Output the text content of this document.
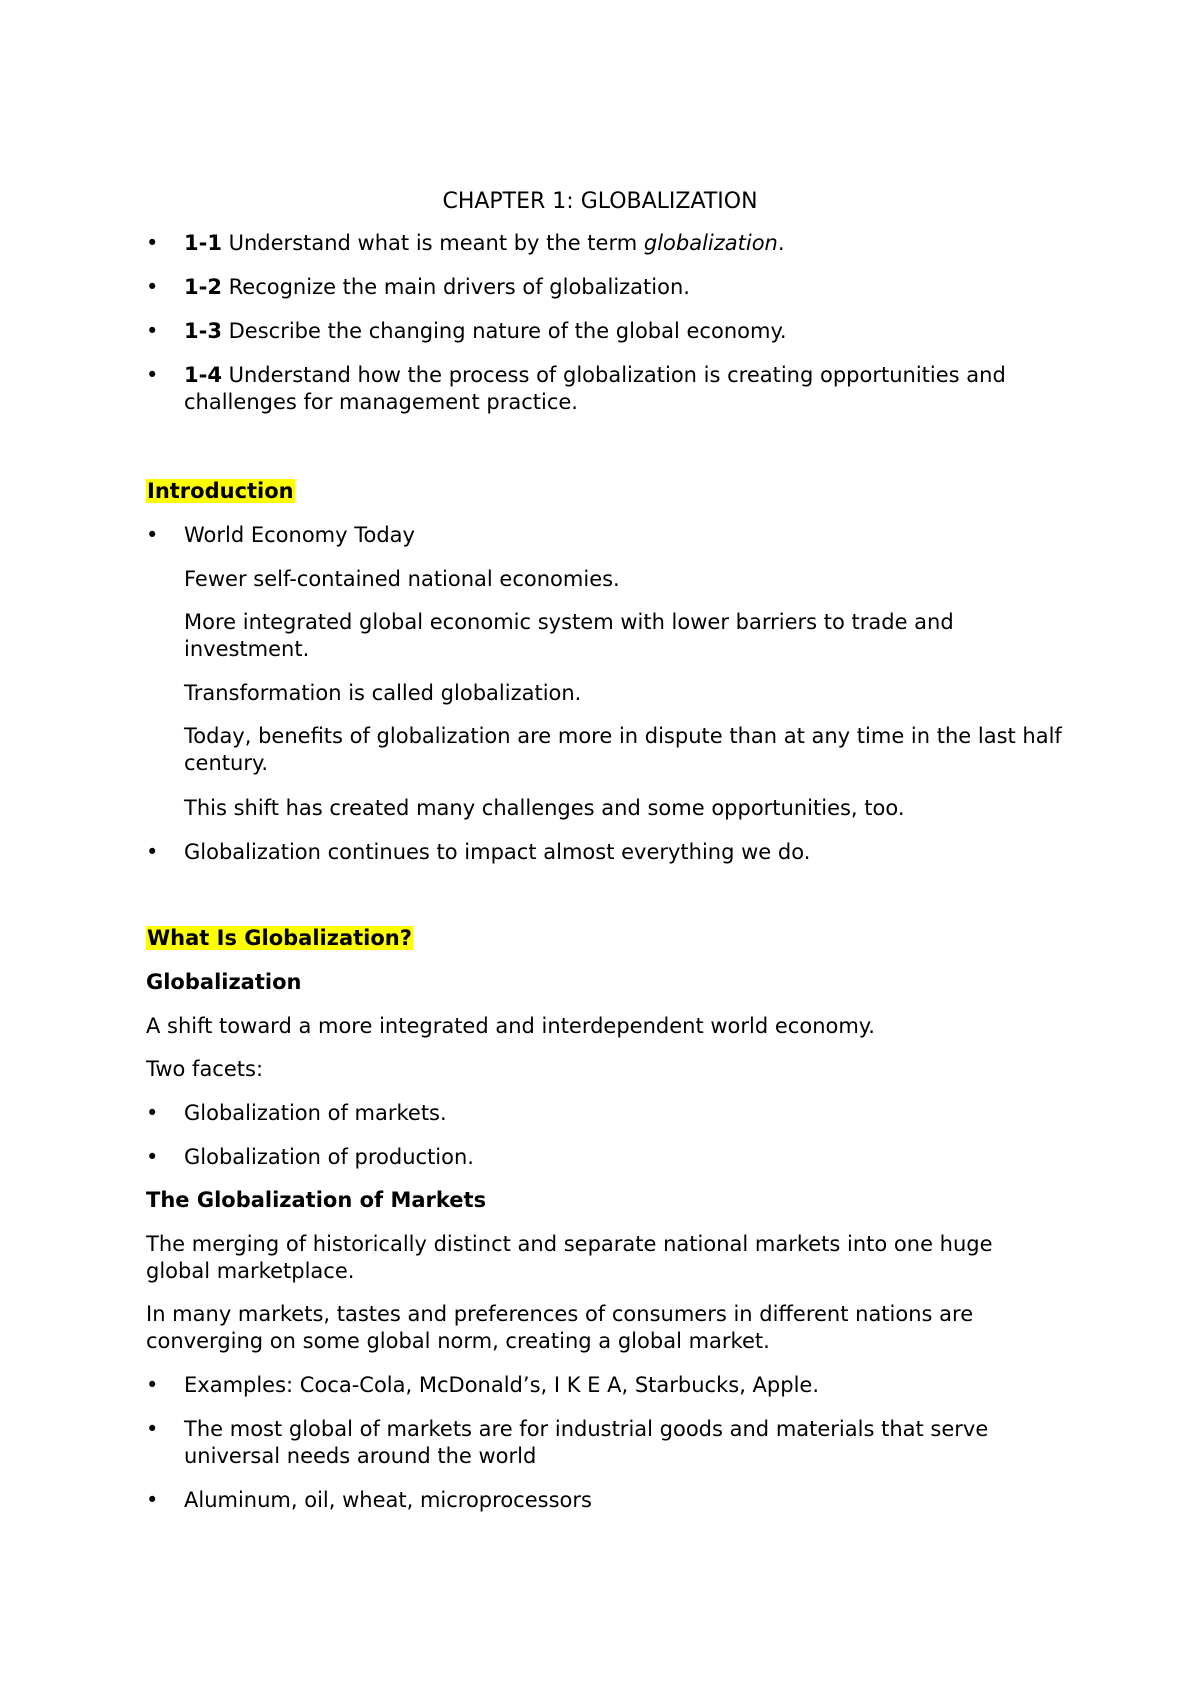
CHAPTER 1: GLOBALIZATION
•	1-1 Understand what is meant by the term globalization.
•	1-2 Recognize the main drivers of globalization.
•	1-3 Describe the changing nature of the global economy.
•	1-4 Understand how the process of globalization is creating opportunities and challenges for management practice.
Introduction
•	World Economy Today
Fewer self-contained national economies.
More integrated global economic system with lower barriers to trade and investment.
Transformation is called globalization.
Today, benefits of globalization are more in dispute than at any time in the last half century.
This shift has created many challenges and some opportunities, too.
•	Globalization continues to impact almost everything we do.
What Is Globalization?
Globalization
A shift toward a more integrated and interdependent world economy.
Two facets:
•	Globalization of markets.
•	Globalization of production.
The Globalization of Markets
The merging of historically distinct and separate national markets into one huge global marketplace.
In many markets, tastes and preferences of consumers in different nations are converging on some global norm, creating a global market.
•	Examples: Coca-Cola, McDonald’s, I K E A, Starbucks, Apple.
•	The most global of markets are for industrial goods and materials that serve universal needs around the world
•	Aluminum, oil, wheat, microprocessors
